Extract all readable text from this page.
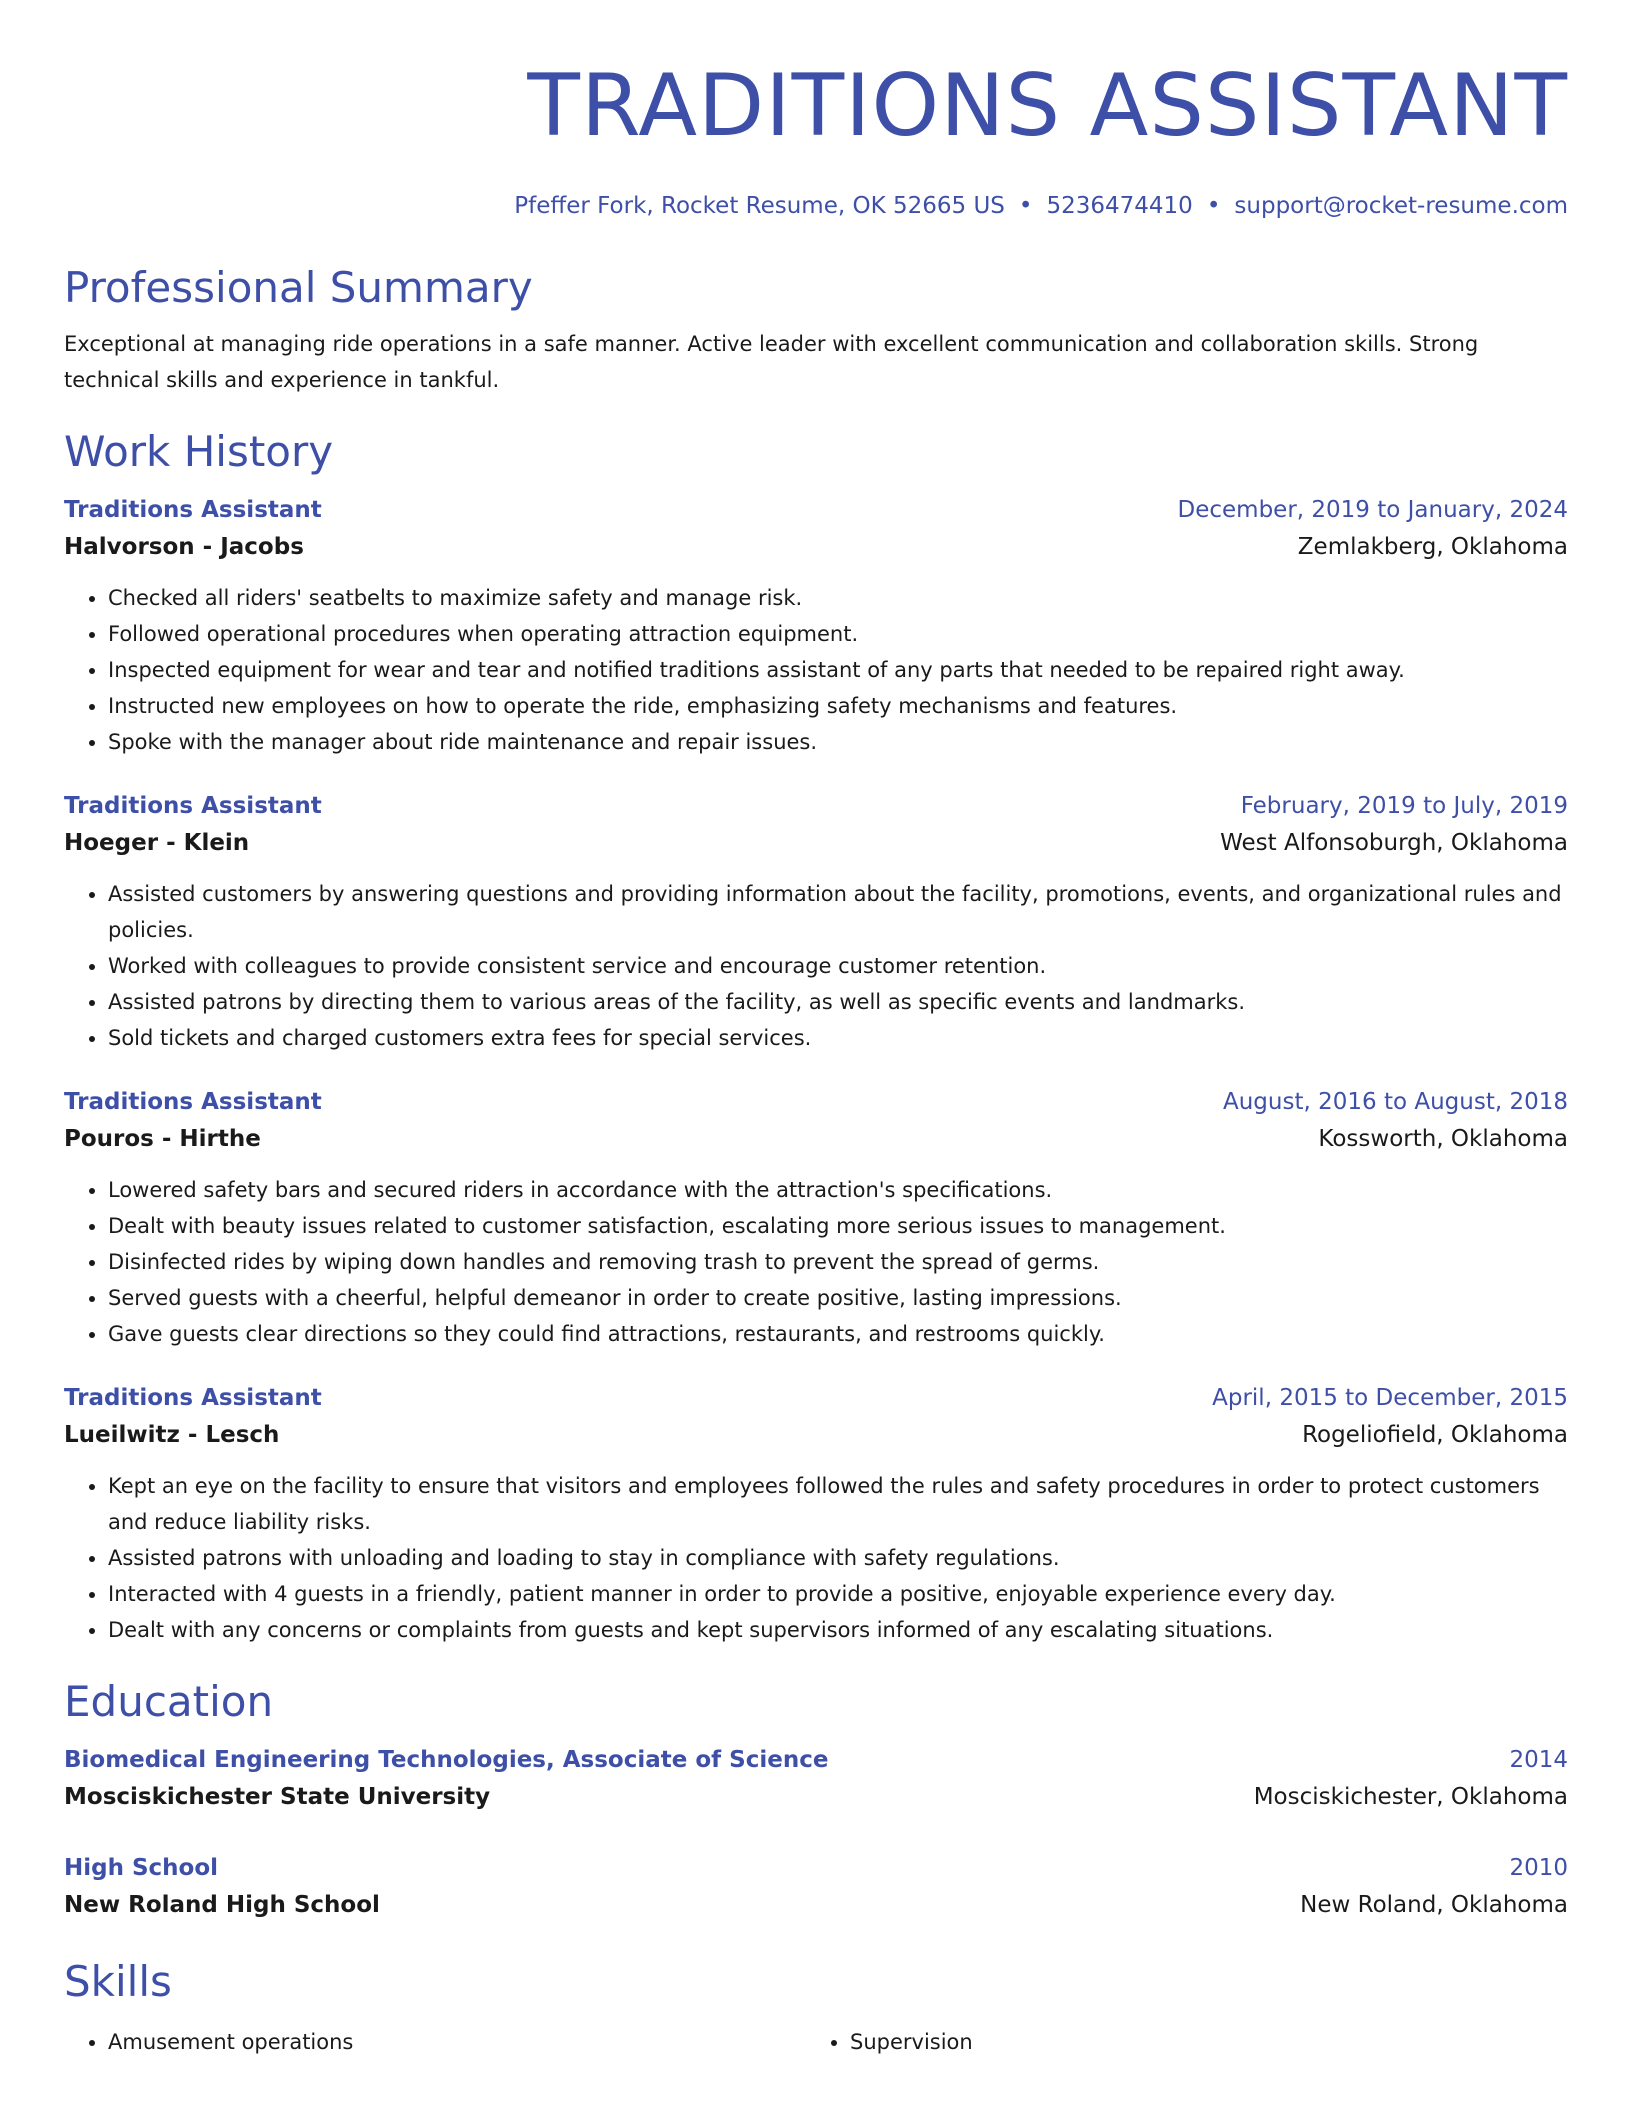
TRADITIONS ASSISTANT
Pfeffer Fork, Rocket Resume, OK 52665 US • 5236474410 • support@rocket-resume.com
Professional Summary
Exceptional at managing ride operations in a safe manner. Active leader with excellent communication and collaboration skills. Strong technical skills and experience in tankful.
Work History
Traditions Assistant	December, 2019 to January, 2024
Halvorson - Jacobs	Zemlakberg, Oklahoma
• Checked all riders' seatbelts to maximize safety and manage risk.
• Followed operational procedures when operating attraction equipment.
• Inspected equipment for wear and tear and notified traditions assistant of any parts that needed to be repaired right away.
• Instructed new employees on how to operate the ride, emphasizing safety mechanisms and features.
• Spoke with the manager about ride maintenance and repair issues.
Traditions Assistant	February, 2019 to July, 2019
Hoeger - Klein	West Alfonsoburgh, Oklahoma
• Assisted customers by answering questions and providing information about the facility, promotions, events, and organizational rules and policies.
• Worked with colleagues to provide consistent service and encourage customer retention.
• Assisted patrons by directing them to various areas of the facility, as well as specific events and landmarks.
• Sold tickets and charged customers extra fees for special services.
Traditions Assistant	August, 2016 to August, 2018
Pouros - Hirthe	Kossworth, Oklahoma
• Lowered safety bars and secured riders in accordance with the attraction's specifications.
• Dealt with beauty issues related to customer satisfaction, escalating more serious issues to management.
• Disinfected rides by wiping down handles and removing trash to prevent the spread of germs.
• Served guests with a cheerful, helpful demeanor in order to create positive, lasting impressions.
• Gave guests clear directions so they could find attractions, restaurants, and restrooms quickly.
Traditions Assistant	April, 2015 to December, 2015
Lueilwitz - Lesch	Rogeliofield, Oklahoma
• Kept an eye on the facility to ensure that visitors and employees followed the rules and safety procedures in order to protect customers and reduce liability risks.
• Assisted patrons with unloading and loading to stay in compliance with safety regulations.
• Interacted with 4 guests in a friendly, patient manner in order to provide a positive, enjoyable experience every day.
• Dealt with any concerns or complaints from guests and kept supervisors informed of any escalating situations.
Education
Biomedical Engineering Technologies, Associate of Science	2014
Mosciskichester State University	Mosciskichester, Oklahoma
High School	2010
New Roland High School	New Roland, Oklahoma
Skills
• Amusement operations
•	Supervision
